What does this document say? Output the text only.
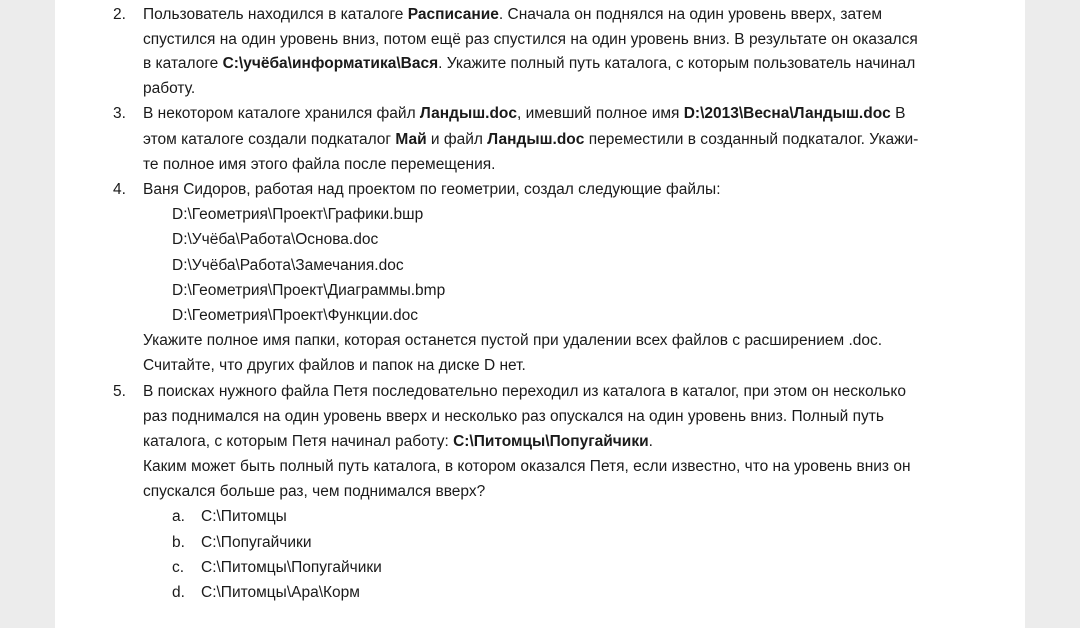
2. Пользователь находился в каталоге Расписание. Сначала он поднялся на один уровень вверх, затем
спустился на один уровень вниз, потом ещё раз спустился на один уровень вниз. В результате он оказался
в каталоге C:\учёба\информатика\Вася. Укажите полный путь каталога, с которым пользователь начинал
работу.
3. В некотором каталоге хранился файл Ландыш.doc, имевший полное имя D:\2013\Весна\Ландыш.doc В
этом каталоге создали подкаталог Май и файл Ландыш.doc переместили в созданный подкаталог. Укажи-
те полное имя этого файла после перемещения.
4. Ваня Сидоров, работая над проектом по геометрии, создал следующие файлы:
D:\Геометрия\Проект\Графики.bшp
D:\Учёба\Работа\Основа.doc
D:\Учёба\Работа\Замечания.doc
D:\Геометрия\Проект\Диаграммы.bmp
D:\Геометрия\Проект\Функции.doc
Укажите полное имя папки, которая останется пустой при удалении всех файлов с расширением .doc.
Считайте, что других файлов и папок на диске D нет.
5. В поисках нужного файла Петя последовательно переходил из каталога в каталог, при этом он несколько
раз поднимался на один уровень вверх и несколько раз опускался на один уровень вниз. Полный путь
каталога, с которым Петя начинал работу: C:\Питомцы\Попугайчики.
Каким может быть полный путь каталога, в котором оказался Петя, если известно, что на уровень вниз он
спускался больше раз, чем поднимался вверх?
a. C:\Питомцы
b. C:\Попугайчики
c. C:\Питомцы\Попугайчики
d. C:\Питомцы\Ара\Корм
